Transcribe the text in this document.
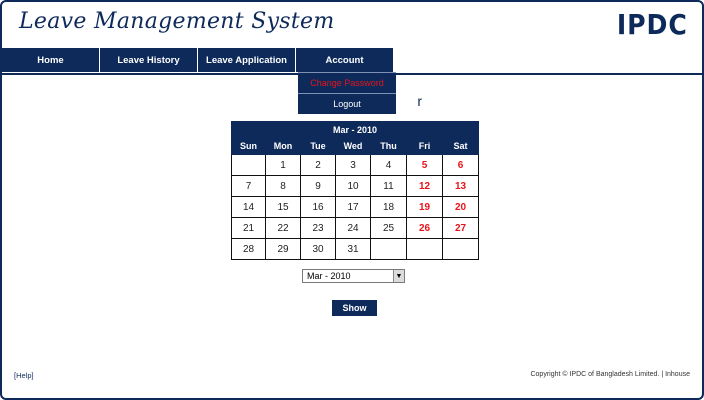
Leave Management System	IPDC
Home	Leave History	Leave Application	Account
Change Password
Logout	r
Mar - 2010						
Sun	Mon	Tue	Wed	Thu	Fri	Sat
	1	2	3	4	5	6
7	8	9	10	11	12	13
14	15	16	17	18	19	20
21	22	23	24	25	26	27
28	29	30	31			
Mar - 2010	▼
Show
[Help]	Copyright © IPDC of Bangladesh Limited. | Inhouse
